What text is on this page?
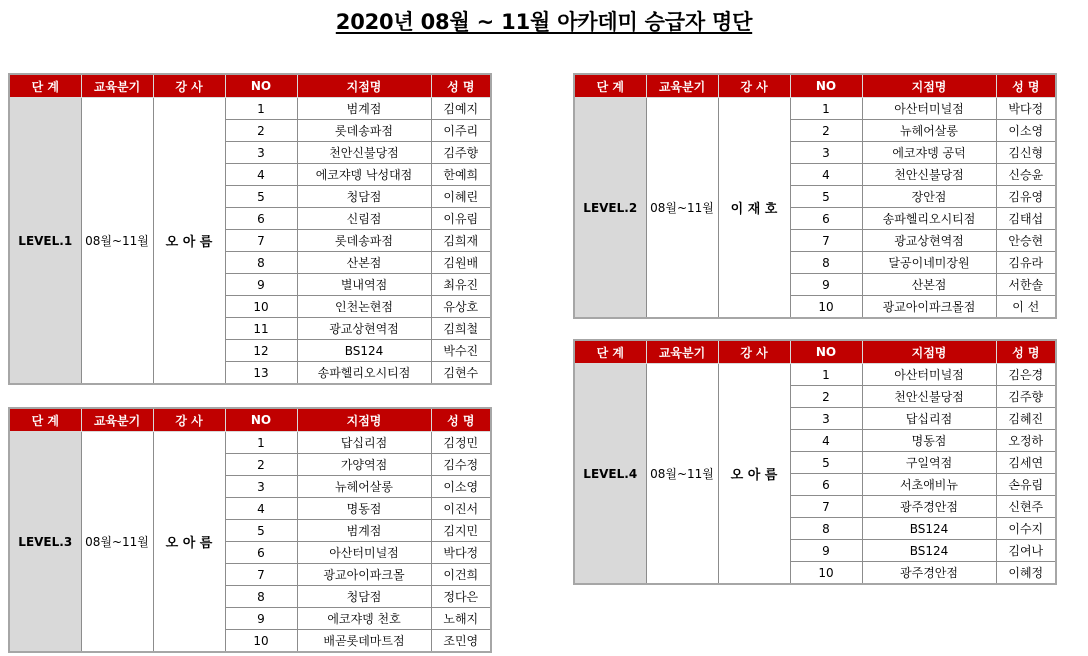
2020년 08월 ~ 11월 아카데미 승급자 명단
단 계	교육분기	강 사	NO	지점명	성 명
LEVEL.1	08월~11월	오 아 름	1	범계점	김예지
			2	롯데송파점	이주리
			3	천안신불당점	김주향
			4	에코쟈뎅 낙성대점	한예희
			5	청담점	이혜린
			6	신림점	이유림
			7	롯데송파점	김희재
			8	산본점	김원배
			9	별내역점	최유진
			10	인천논현점	유상호
			11	광교상현역점	김희철
			12	BS124	박수진
			13	송파헬리오시티점	김현수
단 계	교육분기	강 사	NO	지점명	성 명
LEVEL.3	08월~11월	오 아 름	1	답십리점	김정민
			2	가양역점	김수정
			3	뉴헤어살롱	이소영
			4	명동점	이진서
			5	범계점	김지민
			6	아산터미널점	박다정
			7	광교아이파크몰	이건희
			8	청담점	정다은
			9	에코쟈뎅 천호	노해지
			10	배곧롯데마트점	조민영
단 계	교육분기	강 사	NO	지점명	성 명
LEVEL.2	08월~11월	이 재 호	1	아산터미널점	박다정
			2	뉴헤어살롱	이소영
			3	에코쟈뎅 공덕	김신형
			4	천안신불당점	신승윤
			5	장안점	김유영
			6	송파헬리오시티점	김태섭
			7	광교상현역점	안승현
			8	달공이네미장원	김유라
			9	산본점	서한솔
			10	광교아이파크몰점	이 선
단 계	교육분기	강 사	NO	지점명	성 명
LEVEL.4	08월~11월	오 아 름	1	아산터미널점	김은경
			2	천안신불당점	김주향
			3	답십리점	김혜진
			4	명동점	오정하
			5	구일역점	김세연
			6	서초애비뉴	손유림
			7	광주경안점	신현주
			8	BS124	이수지
			9	BS124	김여나
			10	광주경안점	이혜정
